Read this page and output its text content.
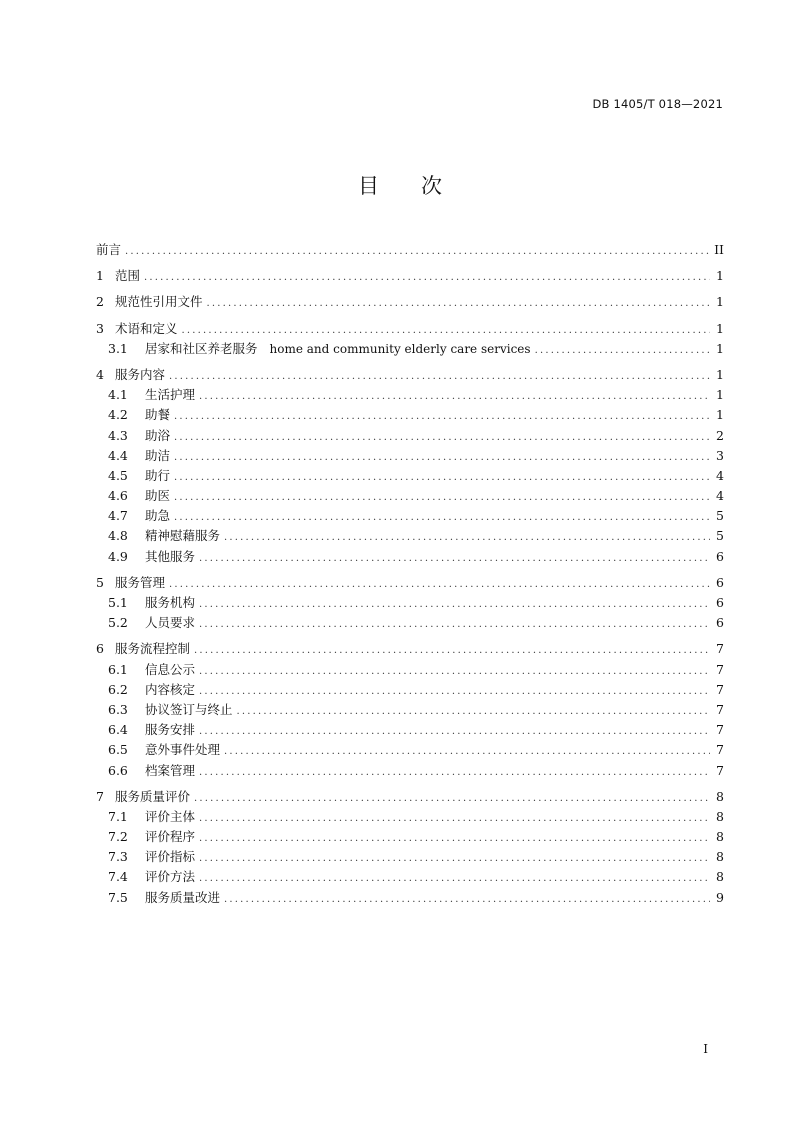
DB 1405/T 018—2021
目　　次
前言 .....	II
1 范围 .....	1
2 规范性引用文件 .....	1
3 术语和定义 .....	1
3.1	居家和社区养老服务 home and community elderly care services .....	1
4 服务内容 .....	1
4.1	生活护理 .....	1
4.2	助餐 .....	1
4.3	助浴 .....	2
4.4	助洁 .....	3
4.5	助行 .....	4
4.6	助医 .....	4
4.7	助急 .....	5
4.8	精神慰藉服务 .....	5
4.9	其他服务 .....	6
5 服务管理 .....	6
5.1	服务机构 .....	6
5.2	人员要求 .....	6
6 服务流程控制 .....	7
6.1	信息公示 .....	7
6.2	内容核定 .....	7
6.3	协议签订与终止 .....	7
6.4	服务安排 .....	7
6.5	意外事件处理 .....	7
6.6	档案管理 .....	7
7 服务质量评价 .....	8
7.1	评价主体 .....	8
7.2	评价程序 .....	8
7.3	评价指标 .....	8
7.4	评价方法 .....	8
7.5	服务质量改进 .....	9
I
